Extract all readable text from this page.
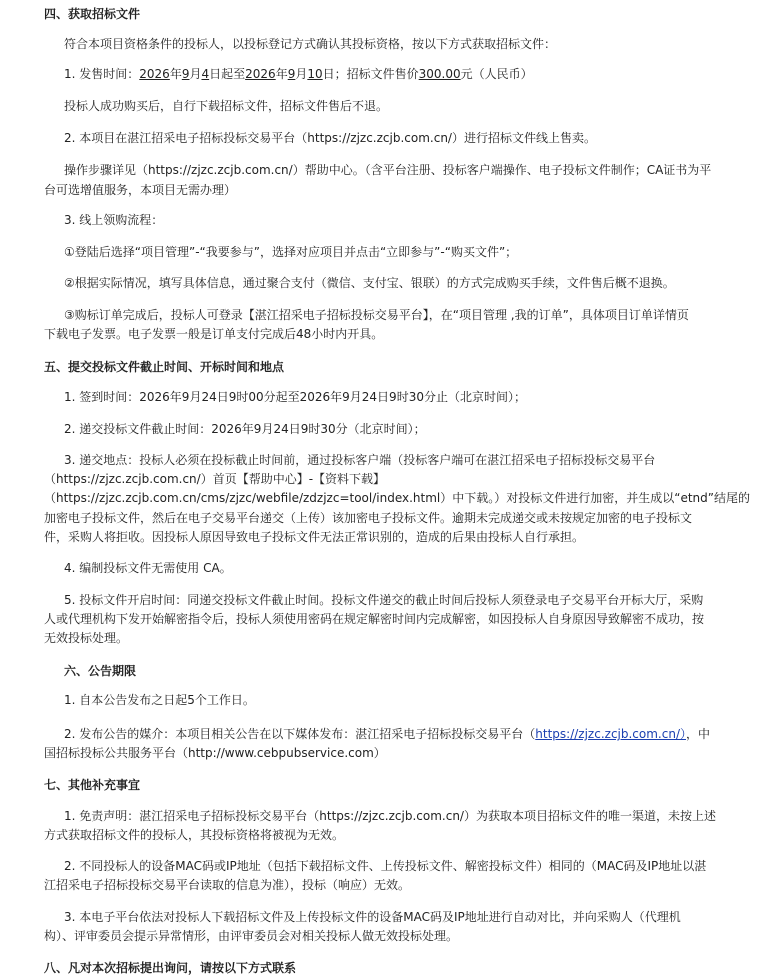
四、获取招标文件
符合本项目资格条件的投标人，以投标登记方式确认其投标资格，按以下方式获取招标文件：
1. 发售时间：2026年9月4日起至2026年9月10日；招标文件售价300.00元（人民币）
投标人成功购买后，自行下载招标文件，招标文件售后不退。
2. 本项目在湛江招采电子招标投标交易平台（https://zjzc.zcjb.com.cn/）进行招标文件线上售卖。
操作步骤详见（https://zjzc.zcjb.com.cn/）帮助中心。（含平台注册、投标客户端操作、电子投标文件制作；CA证书为平
台可选增值服务，本项目无需办理）
3. 线上领购流程：
①登陆后选择“项目管理”-“我要参与”，选择对应项目并点击“立即参与”-“购买文件”；
②根据实际情况，填写具体信息，通过聚合支付（微信、支付宝、银联）的方式完成购买手续，文件售后概不退换。
③购标订单完成后，投标人可登录【湛江招采电子招标投标交易平台】，在“项目管理 ,我的订单”，具体项目订单详情页
下载电子发票。电子发票一般是订单支付完成后48小时内开具。
五、提交投标文件截止时间、开标时间和地点
1. 签到时间：2026年9月24日9时00分起至2026年9月24日9时30分止（北京时间）；
2. 递交投标文件截止时间：2026年9月24日9时30分（北京时间）；
3. 递交地点：投标人必须在投标截止时间前，通过投标客户端（投标客户端可在湛江招采电子招标投标交易平台
（https://zjzc.zcjb.com.cn/）首页【帮助中心】-【资料下载】
（https://zjzc.zcjb.com.cn/cms/zjzc/webfile/zdzjzc=tool/index.html）中下载。）对投标文件进行加密，并生成以“etnd”结尾的
加密电子投标文件，然后在电子交易平台递交（上传）该加密电子投标文件。逾期未完成递交或未按规定加密的电子投标文
件，采购人将拒收。因投标人原因导致电子投标文件无法正常识别的，造成的后果由投标人自行承担。
4. 编制投标文件无需使用 CA。
5. 投标文件开启时间：同递交投标文件截止时间。投标文件递交的截止时间后投标人须登录电子交易平台开标大厅，采购
人或代理机构下发开始解密指令后，投标人须使用密码在规定解密时间内完成解密，如因投标人自身原因导致解密不成功，按
无效投标处理。
六、公告期限
1. 自本公告发布之日起5个工作日。
2. 发布公告的媒介：本项目相关公告在以下媒体发布：湛江招采电子招标投标交易平台（https://zjzc.zcjb.com.cn/），中
国招标投标公共服务平台（http://www.cebpubservice.com）
七、其他补充事宜
1. 免责声明：湛江招采电子招标投标交易平台（https://zjzc.zcjb.com.cn/）为获取本项目招标文件的唯一渠道，未按上述
方式获取招标文件的投标人，其投标资格将被视为无效。
2. 不同投标人的设备MAC码或IP地址（包括下载招标文件、上传投标文件、解密投标文件）相同的（MAC码及IP地址以湛
江招采电子招标投标交易平台读取的信息为准），投标（响应）无效。
3. 本电子平台依法对投标人下载招标文件及上传投标文件的设备MAC码及IP地址进行自动对比，并向采购人（代理机
构）、评审委员会提示异常情形，由评审委员会对相关投标人做无效投标处理。
八、凡对本次招标提出询问，请按以下方式联系
